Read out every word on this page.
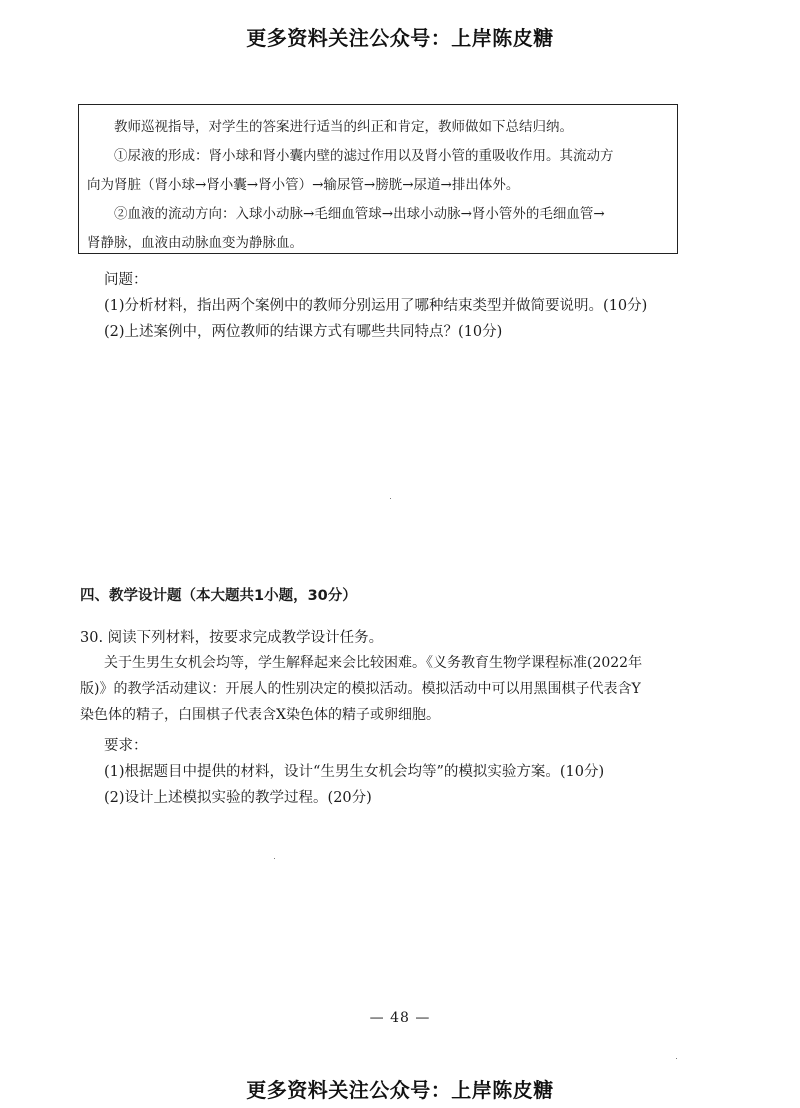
更多资料关注公众号：上岸陈皮糖

教师巡视指导，对学生的答案进行适当的纠正和肯定，教师做如下总结归纳。

①尿液的形成：肾小球和肾小囊内壁的滤过作用以及肾小管的重吸收作用。其流动方

向为肾脏（肾小球→肾小囊→肾小管）→输尿管→膀胱→尿道→排出体外。

②血液的流动方向：入球小动脉→毛细血管球→出球小动脉→肾小管外的毛细血管→

肾静脉，血液由动脉血变为静脉血。

问题：
(1)分析材料，指出两个案例中的教师分别运用了哪种结束类型并做简要说明。(10分)
(2)上述案例中，两位教师的结课方式有哪些共同特点？(10分)
四、教学设计题（本大题共1小题，30分）
30. 阅读下列材料，按要求完成教学设计任务。
关于生男生女机会均等，学生解释起来会比较困难。《义务教育生物学课程标准(2022年
版)》的教学活动建议：开展人的性别决定的模拟活动。模拟活动中可以用黑围棋子代表含Y
染色体的精子，白围棋子代表含X染色体的精子或卵细胞。
要求：
(1)根据题目中提供的材料，设计“生男生女机会均等”的模拟实验方案。(10分)
(2)设计上述模拟实验的教学过程。(20分)
— 48 —
更多资料关注公众号：上岸陈皮糖
